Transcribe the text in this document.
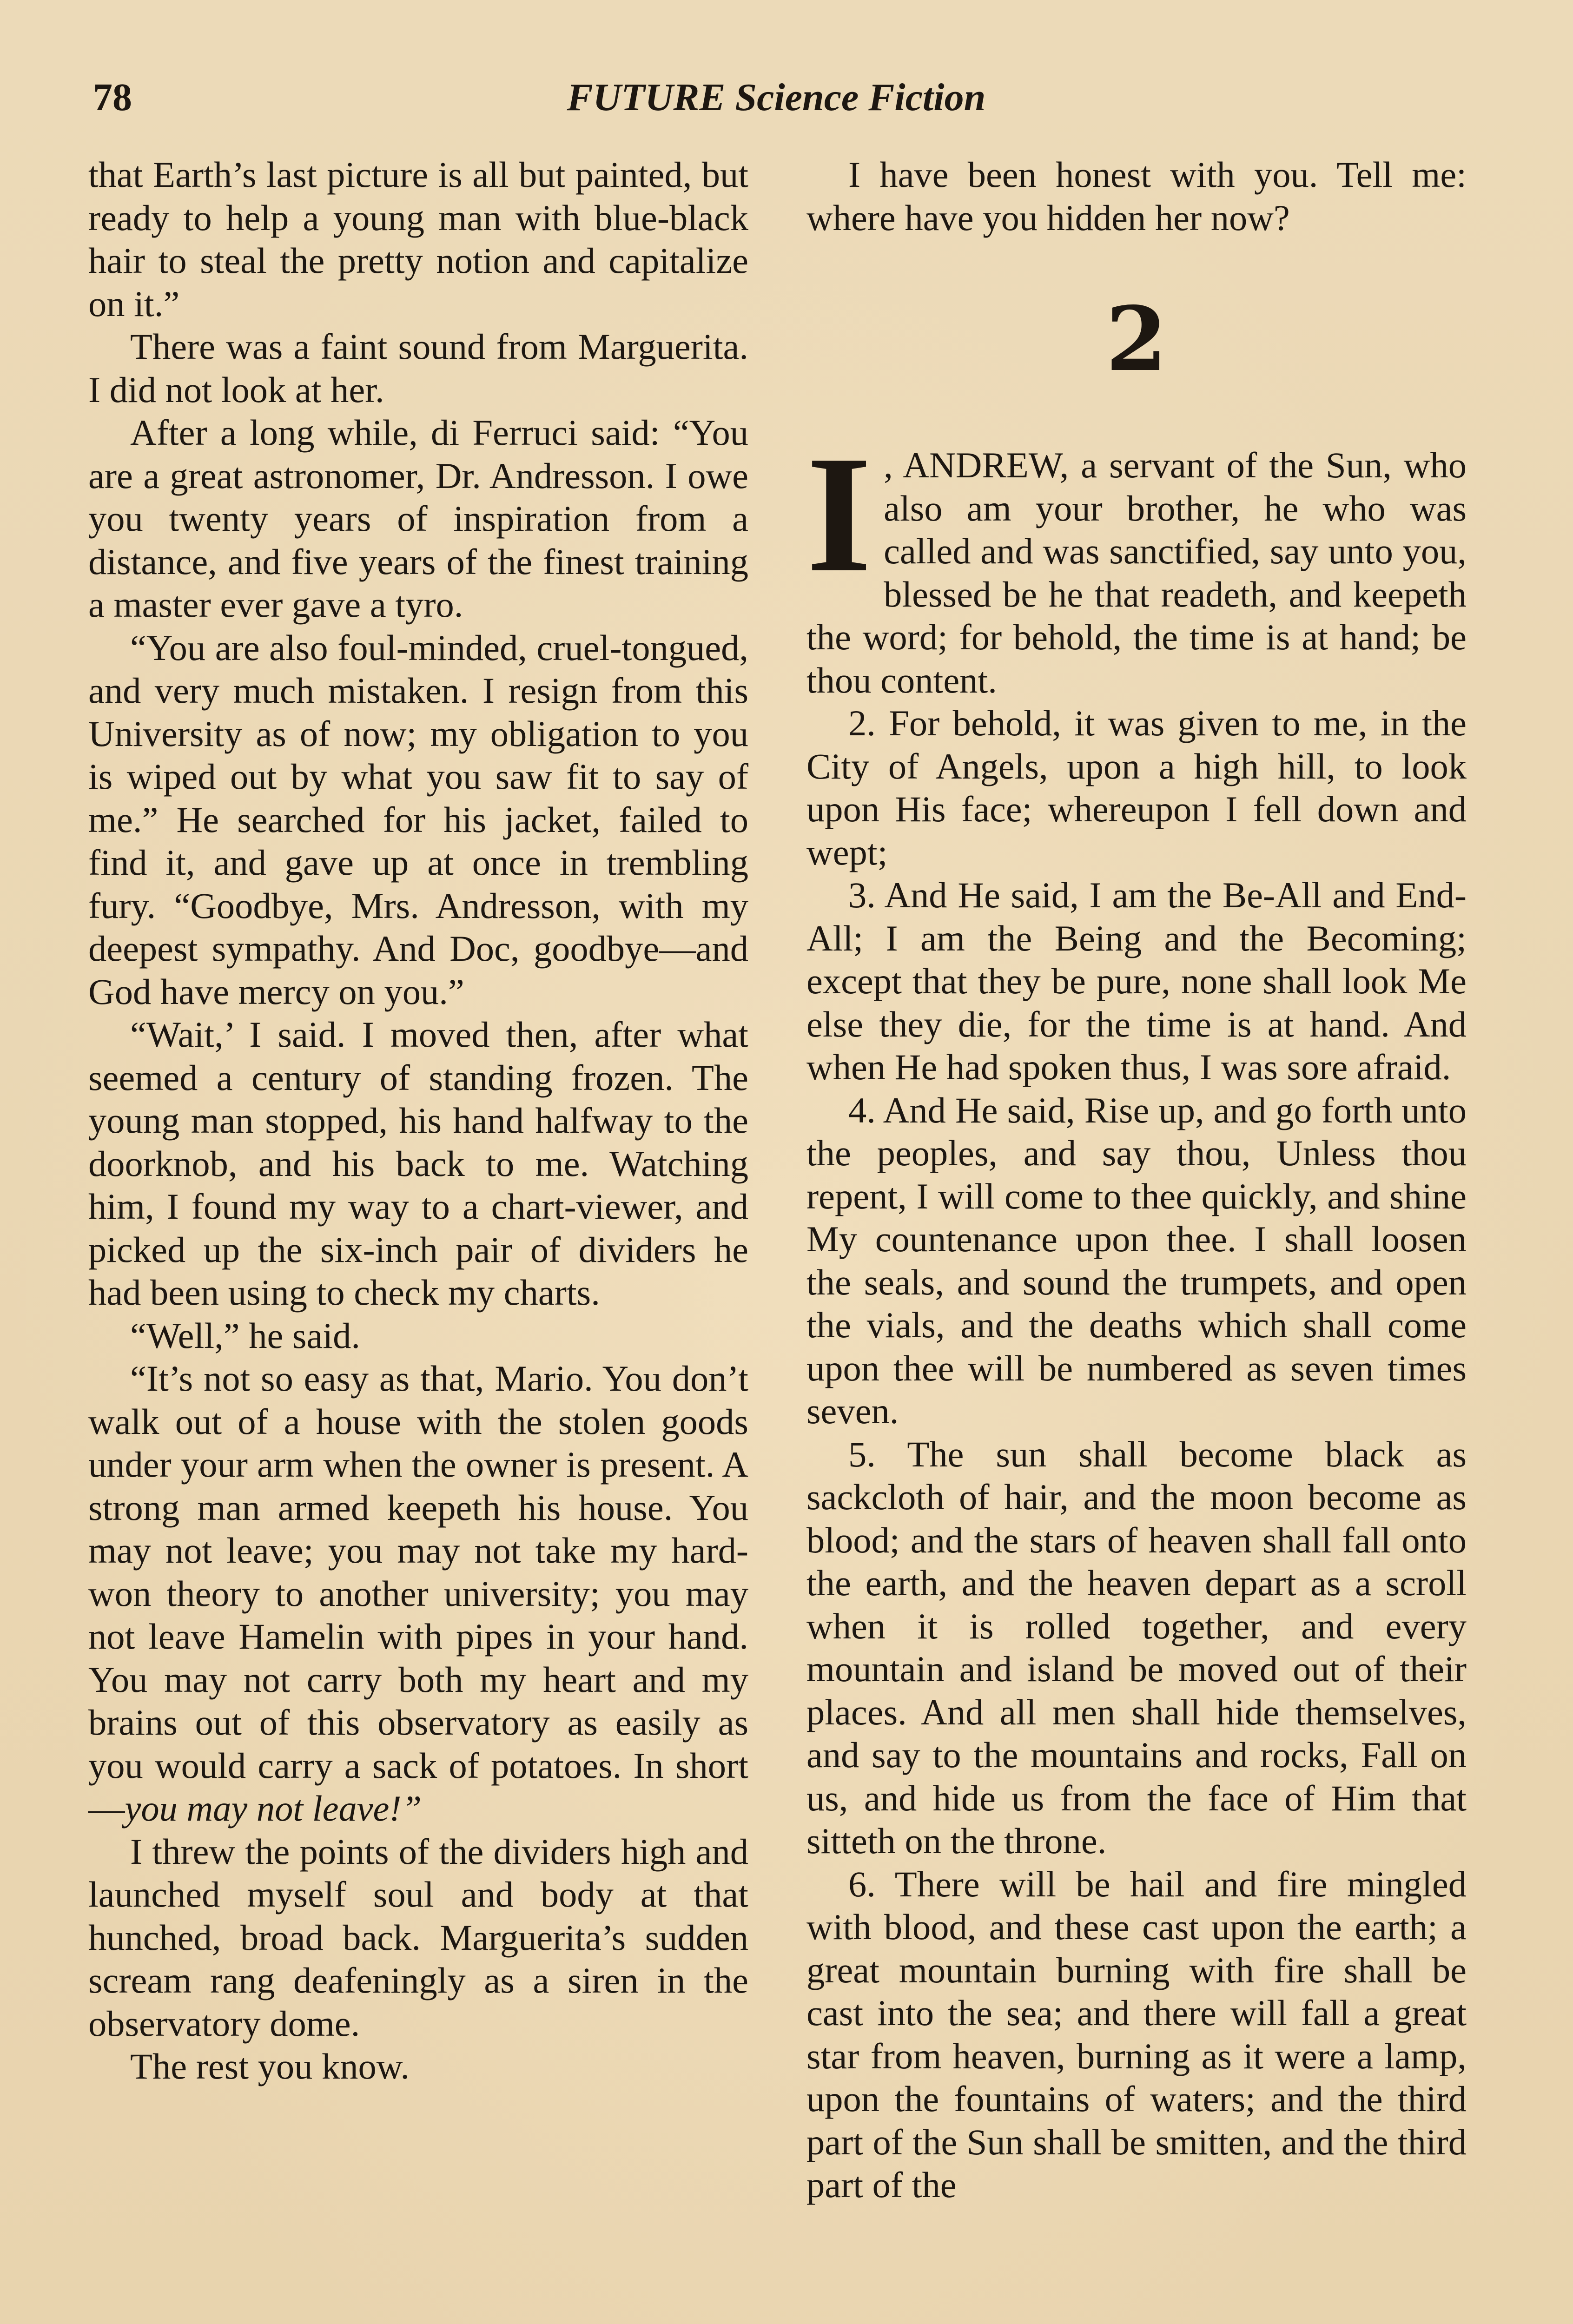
78	FUTURE Science Fiction

that Earth’s last picture is all but painted, but ready to help a young man with blue-black hair to steal the pretty notion and capitalize on it.”

There was a faint sound from Marguerita. I did not look at her.

After a long while, di Ferruci said: “You are a great astronomer, Dr. Andresson. I owe you twenty years of inspiration from a distance, and five years of the finest training a master ever gave a tyro.

“You are also foul-minded, cruel-tongued, and very much mistaken. I resign from this University as of now; my obligation to you is wiped out by what you saw fit to say of me.” He searched for his jacket, failed to find it, and gave up at once in trembling fury. “Goodbye, Mrs. Andresson, with my deepest sympathy. And Doc, goodbye—and God have mercy on you.”

“Wait,’ I said. I moved then, after what seemed a century of standing frozen. The young man stopped, his hand halfway to the doorknob, and his back to me. Watching him, I found my way to a chart-viewer, and picked up the six-inch pair of dividers he had been using to check my charts.

“Well,” he said.

“It’s not so easy as that, Mario. You don’t walk out of a house with the stolen goods under your arm when the owner is present. A strong man armed keepeth his house. You may not leave; you may not take my hard-won theory to another university; you may not leave Hamelin with pipes in your hand. You may not carry both my heart and my brains out of this observatory as easily as you would carry a sack of potatoes. In short—you may not leave!”

I threw the points of the dividers high and launched myself soul and body at that hunched, broad back. Marguerita’s sudden scream rang deafeningly as a siren in the observatory dome.

The rest you know.

I have been honest with you. Tell me: where have you hidden her now?

2

I , ANDREW, a servant of the Sun, who also am your brother, he who was called and was sanctified, say unto you, blessed be he that readeth, and keepeth the word; for behold, the time is at hand; be thou content.

2. For behold, it was given to me, in the City of Angels, upon a high hill, to look upon His face; whereupon I fell down and wept;

3. And He said, I am the Be-All and End-All; I am the Being and the Becoming; except that they be pure, none shall look Me else they die, for the time is at hand. And when He had spoken thus, I was sore afraid.

4. And He said, Rise up, and go forth unto the peoples, and say thou, Unless thou repent, I will come to thee quickly, and shine My countenance upon thee. I shall loosen the seals, and sound the trumpets, and open the vials, and the deaths which shall come upon thee will be numbered as seven times seven.

5. The sun shall become black as sackcloth of hair, and the moon become as blood; and the stars of heaven shall fall onto the earth, and the heaven depart as a scroll when it is rolled together, and every mountain and island be moved out of their places. And all men shall hide themselves, and say to the mountains and rocks, Fall on us, and hide us from the face of Him that sitteth on the throne.

6. There will be hail and fire mingled with blood, and these cast upon the earth; a great mountain burning with fire shall be cast into the sea; and there will fall a great star from heaven, burning as it were a lamp, upon the fountains of waters; and the third part of the Sun shall be smitten, and the third part of the
